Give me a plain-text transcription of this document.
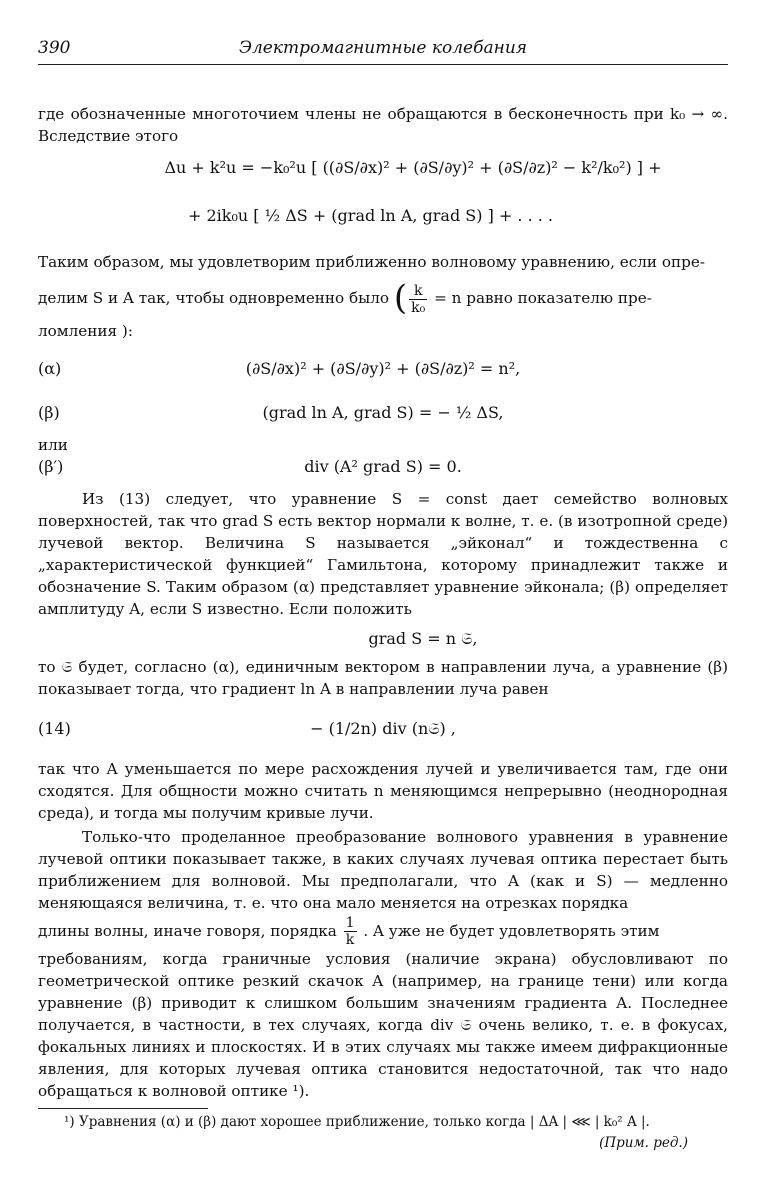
390	Электромагнитные колебания

где обозначенные многоточием члены не обращаются в бесконечность при k₀ → ∞. Вследствие этого

Δu + k²u = −k₀²u [ ((∂S/∂x)² + (∂S/∂y)² + (∂S/∂z)² − k²/k₀²) ] +
+ 2ik₀u [ ½ ΔS + (grad ln A, grad S) ] + . . . .

Таким образом, мы удовлетворим приближенно волновому уравнению, если опре-

делим S и A так, чтобы одновременно было ( $\frac{k}{\text{k₀}} = n$ равно показателю пре-

ломления ):

(α)	(∂S/∂x)² + (∂S/∂y)² + (∂S/∂z)² = n²,
(β)	(grad ln A, grad S) = − ½ ΔS,

или

(β′)	div (A² grad S) = 0.

Из (13) следует, что уравнение S = const дает семейство волновых поверхностей, так что grad S есть вектор нормали к волне, т. е. (в изотропной среде) лучевой вектор. Величина S называется „эйконал“ и тождественна с „характеристической функцией“ Гамильтона, которому принадлежит также и обозначение S. Таким образом (α) представляет уравнение эйконала; (β) определяет амплитуду A, если S известно. Если положить

grad S = n 𝔖,

то 𝔖 будет, согласно (α), единичным вектором в направлении луча, а уравнение (β) показывает тогда, что градиент ln A в направлении луча равен

(14)	− (1/2n) div (n𝔖) ,

так что A уменьшается по мере расхождения лучей и увеличивается там, где они сходятся. Для общности можно считать n меняющимся непрерывно (неоднородная среда), и тогда мы получим кривые лучи.

Только-что проделанное преобразование волнового уравнения в уравнение лучевой оптики показывает также, в каких случаях лучевая оптика перестает быть приближением для волновой. Мы предполагали, что A (как и S) — медленно меняющаяся величина, т. е. что она мало меняется на отрезках порядка

длины волны, иначе говоря, порядка $\frac{1}{k}$ . A уже не будет удовлетворять этим

требованиям, когда граничные условия (наличие экрана) обусловливают по геометрической оптике резкий скачок A (например, на границе тени) или когда уравнение (β) приводит к слишком большим значениям градиента A. Последнее получается, в частности, в тех случаях, когда div 𝔖 очень велико, т. е. в фокусах, фокальных линиях и плоскостях. И в этих случаях мы также имеем дифракционные явления, для которых лучевая оптика становится недостаточной, так что надо обращаться к волновой оптике ¹).

¹) Уравнения (α) и (β) дают хорошее приближение, только когда | ΔA | ⋘ | k₀² A |.

(Прим. ред.)
